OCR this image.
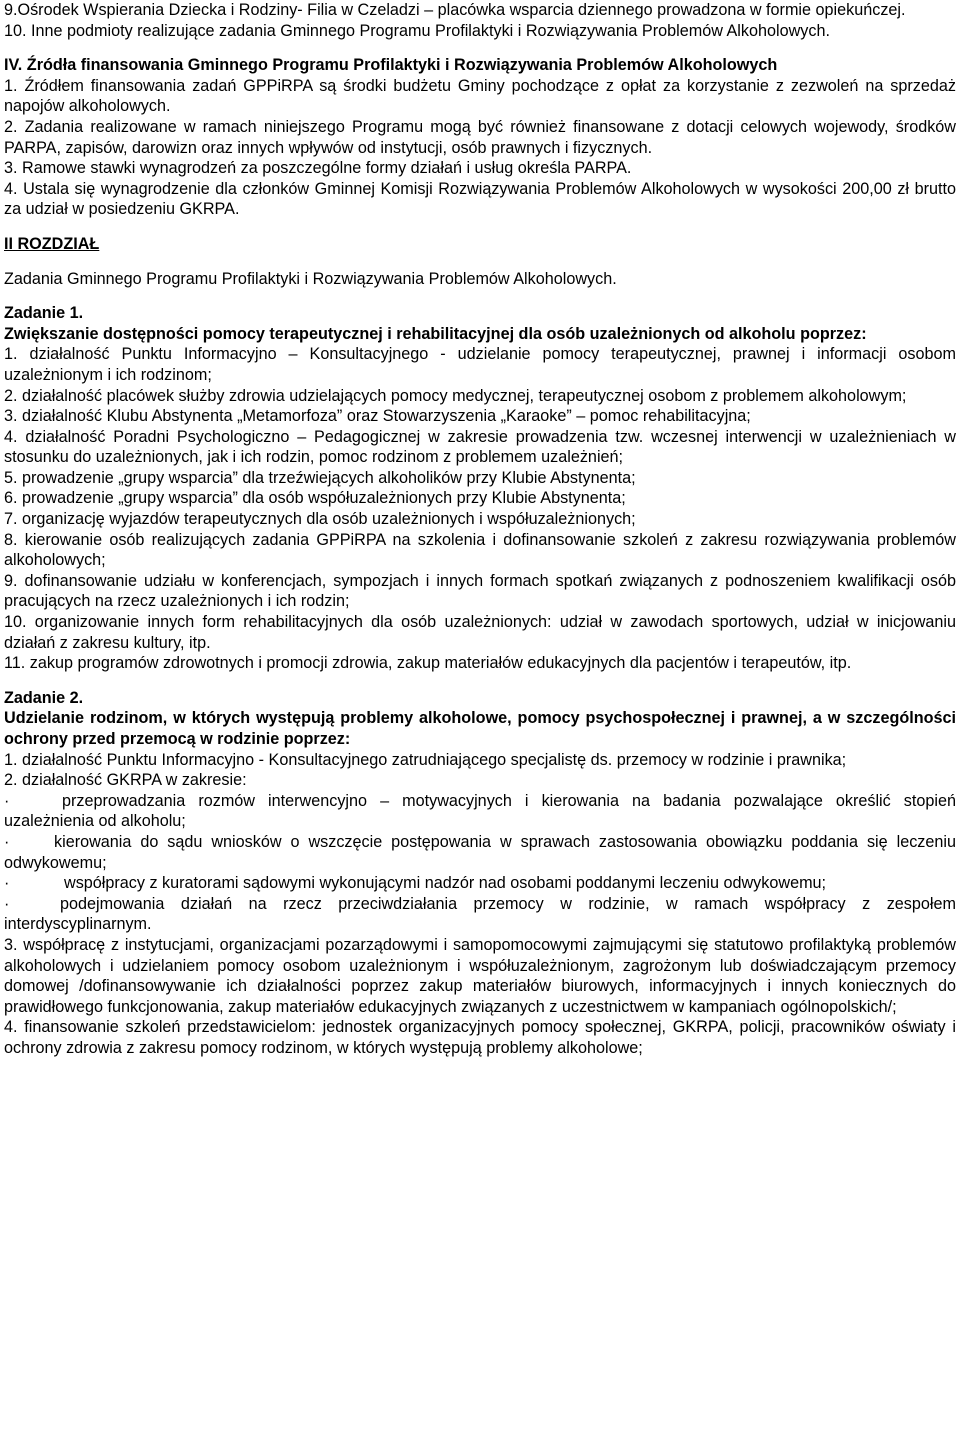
9.Ośrodek Wspierania Dziecka i Rodziny- Filia w Czeladzi – placówka wsparcia dziennego prowadzona w formie opiekuńczej.

10. Inne podmioty realizujące zadania Gminnego Programu Profilaktyki i Rozwiązywania Problemów Alkoholowych.

IV. Źródła finansowania Gminnego Programu Profilaktyki i Rozwiązywania Problemów Alkoholowych

1. Źródłem finansowania zadań GPPiRPA są środki budżetu Gminy pochodzące z opłat za korzystanie z zezwoleń na sprzedaż napojów alkoholowych.

2. Zadania realizowane w ramach niniejszego Programu mogą być również finansowane z dotacji celowych wojewody, środków PARPA, zapisów, darowizn oraz innych wpływów od instytucji, osób prawnych i fizycznych.

3. Ramowe stawki wynagrodzeń za poszczególne formy działań i usług określa PARPA.

4. Ustala się wynagrodzenie dla członków Gminnej Komisji Rozwiązywania Problemów Alkoholowych w wysokości 200,00 zł brutto za udział w posiedzeniu GKRPA.

II ROZDZIAŁ

Zadania Gminnego Programu Profilaktyki i Rozwiązywania Problemów Alkoholowych.

Zadanie 1.

Zwiększanie dostępności pomocy terapeutycznej i rehabilitacyjnej dla osób uzależnionych od alkoholu poprzez:

1. działalność Punktu Informacyjno – Konsultacyjnego - udzielanie pomocy terapeutycznej, prawnej i informacji osobom uzależnionym i ich rodzinom;

2. działalność placówek służby zdrowia udzielających pomocy medycznej, terapeutycznej osobom z problemem alkoholowym;

3. działalność Klubu Abstynenta „Metamorfoza” oraz Stowarzyszenia „Karaoke” – pomoc rehabilitacyjna;

4. działalność Poradni Psychologiczno – Pedagogicznej w zakresie prowadzenia tzw. wczesnej interwencji w uzależnieniach w stosunku do uzależnionych, jak i ich rodzin, pomoc rodzinom z problemem uzależnień;

5. prowadzenie „grupy wsparcia” dla trzeźwiejących alkoholików przy Klubie Abstynenta;

6. prowadzenie „grupy wsparcia” dla osób współuzależnionych przy Klubie Abstynenta;

7. organizację wyjazdów terapeutycznych dla osób uzależnionych i współuzależnionych;

8. kierowanie osób realizujących zadania GPPiRPA na szkolenia i dofinansowanie szkoleń z zakresu rozwiązywania problemów alkoholowych;

9. dofinansowanie udziału w konferencjach, sympozjach i innych formach spotkań związanych z podnoszeniem kwalifikacji osób pracujących na rzecz uzależnionych i ich rodzin;

10. organizowanie innych form rehabilitacyjnych dla osób uzależnionych: udział w zawodach sportowych, udział w inicjowaniu działań z zakresu kultury, itp.

11. zakup programów zdrowotnych i promocji zdrowia, zakup materiałów edukacyjnych dla pacjentów i terapeutów, itp.

Zadanie 2.

Udzielanie rodzinom, w których występują problemy alkoholowe, pomocy psychospołecznej i prawnej, a w szczególności ochrony przed przemocą w rodzinie poprzez:

1. działalność Punktu Informacyjno - Konsultacyjnego zatrudniającego specjalistę ds. przemocy w rodzinie i prawnika;

2. działalność GKRPA w zakresie:

·	przeprowadzania rozmów interwencyjno – motywacyjnych i kierowania na badania pozwalające określić stopień uzależnienia od alkoholu;

·	kierowania do sądu wniosków o wszczęcie postępowania w sprawach zastosowania obowiązku poddania się leczeniu odwykowemu;

·	współpracy z kuratorami sądowymi wykonującymi nadzór nad osobami poddanymi leczeniu odwykowemu;

·	podejmowania działań na rzecz przeciwdziałania przemocy w rodzinie, w ramach współpracy z zespołem interdyscyplinarnym.

3. współpracę z instytucjami, organizacjami pozarządowymi i samopomocowymi zajmującymi się statutowo profilaktyką problemów alkoholowych i udzielaniem pomocy osobom uzależnionym i współuzależnionym, zagrożonym lub doświadczającym przemocy domowej /dofinansowywanie ich działalności poprzez zakup materiałów biurowych, informacyjnych i innych koniecznych do prawidłowego funkcjonowania, zakup materiałów edukacyjnych związanych z uczestnictwem w kampaniach ogólnopolskich/;

4. finansowanie szkoleń przedstawicielom: jednostek organizacyjnych pomocy społecznej, GKRPA, policji, pracowników oświaty i ochrony zdrowia z zakresu pomocy rodzinom, w których występują problemy alkoholowe;
